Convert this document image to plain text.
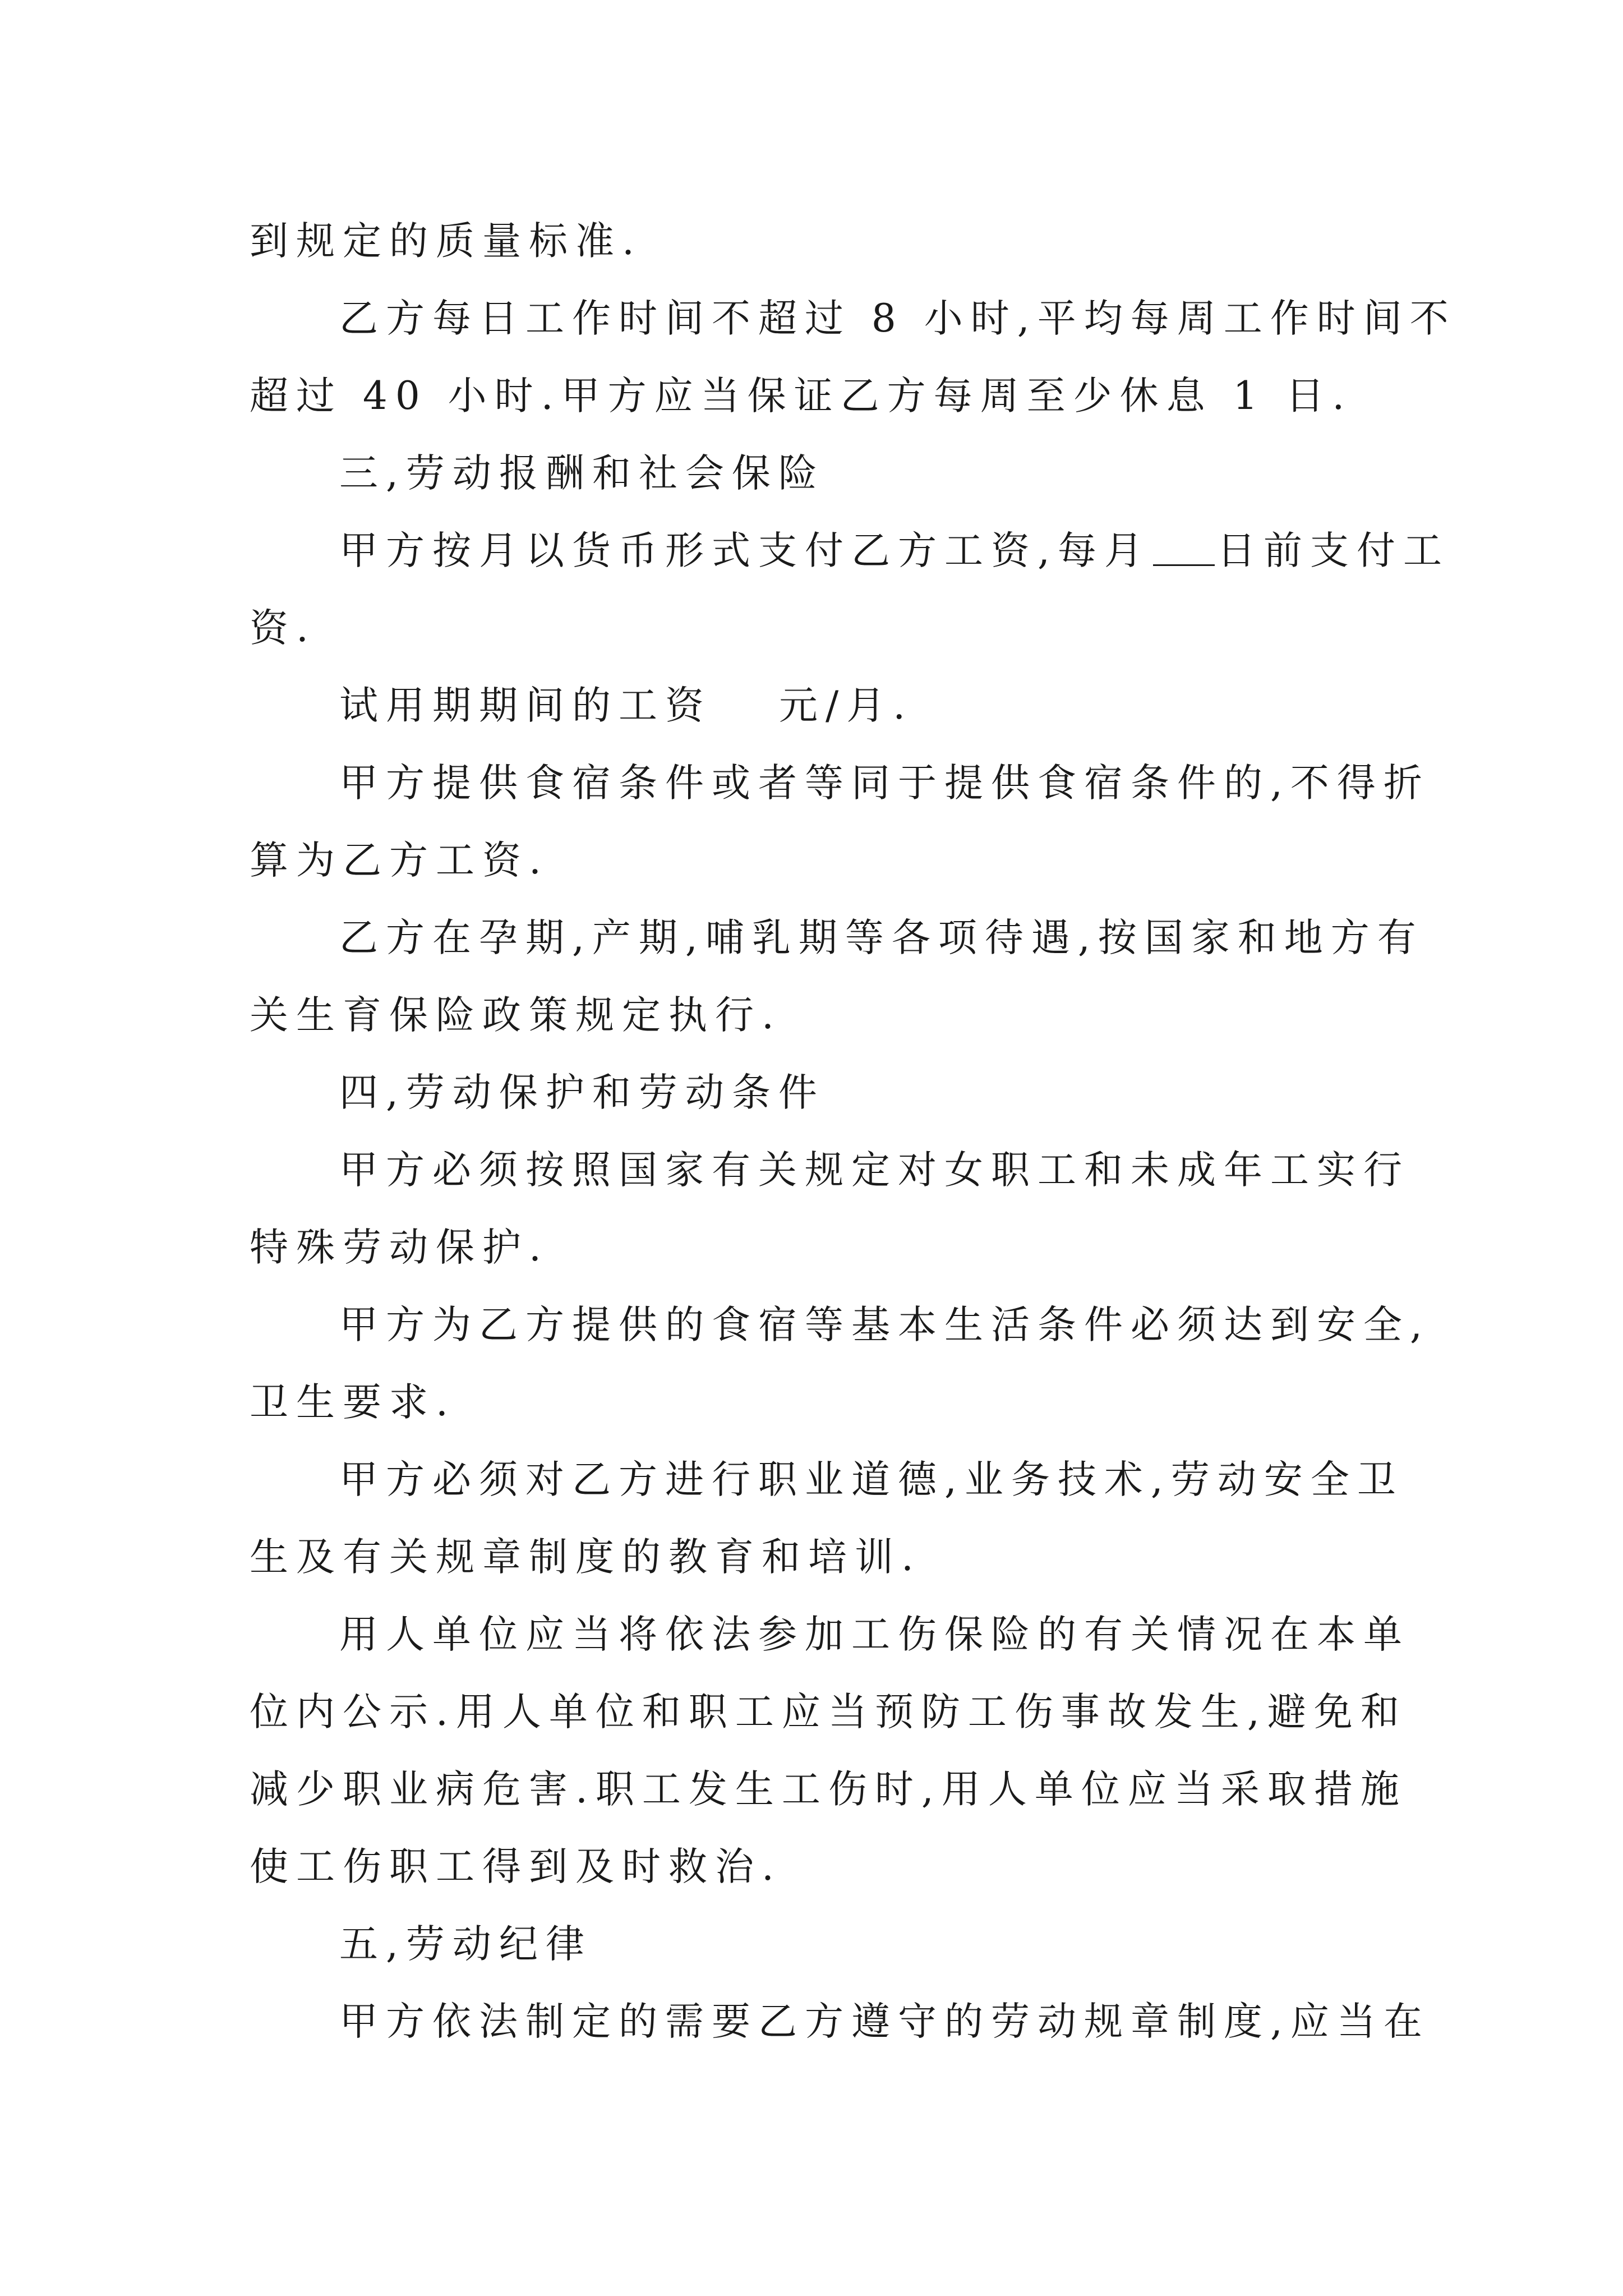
到规定的质量标准.
乙方每日工作时间不超过 8 小时,平均每周工作时间不
超过 40 小时.甲方应当保证乙方每周至少休息 1 日.
三,劳动报酬和社会保险
甲方按月以货币形式支付乙方工资,每月 日前支付工
资.
试用期期间的工资 元/月.
甲方提供食宿条件或者等同于提供食宿条件的,不得折
算为乙方工资.
乙方在孕期,产期,哺乳期等各项待遇,按国家和地方有
关生育保险政策规定执行.
四,劳动保护和劳动条件
甲方必须按照国家有关规定对女职工和未成年工实行
特殊劳动保护.
甲方为乙方提供的食宿等基本生活条件必须达到安全,
卫生要求.
甲方必须对乙方进行职业道德,业务技术,劳动安全卫
生及有关规章制度的教育和培训.
用人单位应当将依法参加工伤保险的有关情况在本单
位内公示.用人单位和职工应当预防工伤事故发生,避免和
减少职业病危害.职工发生工伤时,用人单位应当采取措施
使工伤职工得到及时救治.
五,劳动纪律
甲方依法制定的需要乙方遵守的劳动规章制度,应当在
